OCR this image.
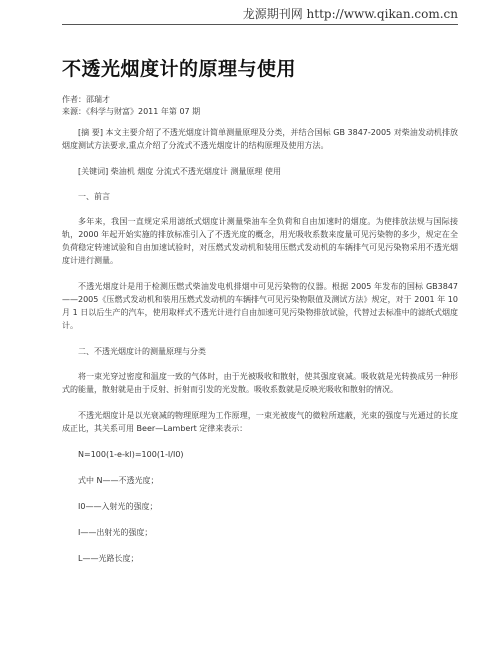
龙源期刊网 http://www.qikan.com.cn
不透光烟度计的原理与使用

作者：邵瑞才

来源：《科学与财富》2011 年第 07 期

[摘 要] 本文主要介绍了不透光烟度计简单测量原理及分类，并结合国标 GB 3847-2005 对柴油发动机排放烟度测试方法要求,重点介绍了分流式不透光烟度计的结构原理及使用方法。

[关键词] 柴油机 烟度 分流式不透光烟度计 测量原理 使用

一、前言

多年来，我国一直规定采用滤纸式烟度计测量柴油车全负荷和自由加速时的烟度。为使排放法规与国际接轨，2000 年起开始实施的排放标准引入了不透光度的概念，用光吸收系数来度量可见污染物的多少，规定在全负荷稳定转速试验和自由加速试验时，对压燃式发动机和装用压燃式发动机的车辆排气可见污染物采用不透光烟度计进行测量。

不透光烟度计是用于检测压燃式柴油发电机排烟中可见污染物的仪器。根据 2005 年发布的国标 GB3847——2005《压燃式发动机和装用压燃式发动机的车辆排气可见污染物限值及测试方法》规定，对于 2001 年 10 月 1 日以后生产的汽车，使用取样式不透光计进行自由加速可见污染物排放试验，代替过去标准中的滤纸式烟度计。

二、不透光烟度计的测量原理与分类

将一束光穿过密度和温度一致的气体时，由于光被吸收和散射，使其强度衰减。吸收就是光转换成另一种形式的能量，散射就是由于反射、折射而引发的光发散。吸收系数就是反映光吸收和散射的情况。

不透光烟度计是以光衰减的物理原理为工作原理，一束光被废气的微粒所遮蔽，光束的强度与光通过的长度成正比，其关系可用 Beer—Lambert 定律来表示：

N=100(1-e-kl)=100(1-I/I0)

式中 N——不透光度；

I0——入射光的强度；

I——出射光的强度；

L——光路长度；
